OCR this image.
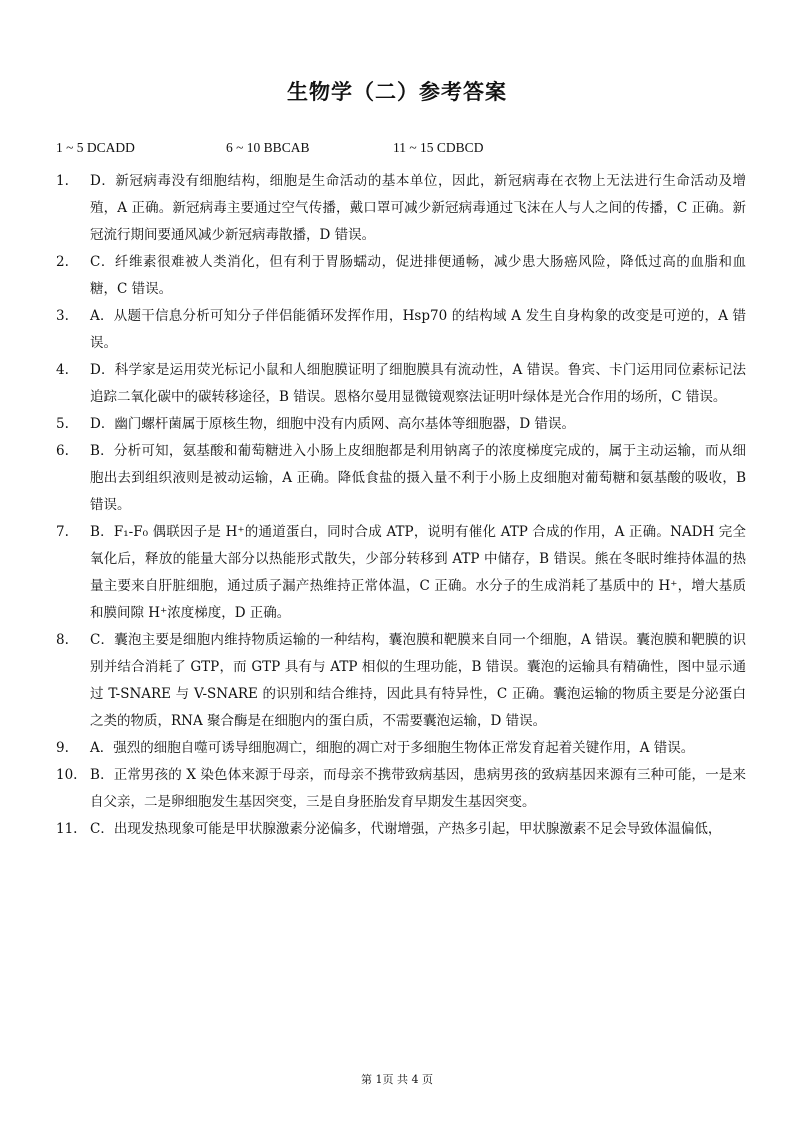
生物学（二）参考答案
1 ~ 5 DCADD	6 ~ 10 BBCAB	11 ~ 15 CDBCD
1. D．新冠病毒没有细胞结构，细胞是生命活动的基本单位，因此，新冠病毒在衣物上无法进行生命活动及增殖，A 正确。新冠病毒主要通过空气传播，戴口罩可减少新冠病毒通过飞沫在人与人之间的传播，C 正确。新冠流行期间要通风减少新冠病毒散播，D 错误。
2. C．纤维素很难被人类消化，但有利于胃肠蠕动，促进排便通畅，减少患大肠癌风险，降低过高的血脂和血糖，C 错误。
3. A．从题干信息分析可知分子伴侣能循环发挥作用，Hsp70 的结构域 A 发生自身构象的改变是可逆的，A 错误。
4. D．科学家是运用荧光标记小鼠和人细胞膜证明了细胞膜具有流动性，A 错误。鲁宾、卡门运用同位素标记法追踪二氧化碳中的碳转移途径，B 错误。恩格尔曼用显微镜观察法证明叶绿体是光合作用的场所，C 错误。
5. D．幽门螺杆菌属于原核生物，细胞中没有内质网、高尔基体等细胞器，D 错误。
6. B．分析可知，氨基酸和葡萄糖进入小肠上皮细胞都是利用钠离子的浓度梯度完成的，属于主动运输，而从细胞出去到组织液则是被动运输，A 正确。降低食盐的摄入量不利于小肠上皮细胞对葡萄糖和氨基酸的吸收，B 错误。
7. B．F₁-F₀ 偶联因子是 H⁺的通道蛋白，同时合成 ATP，说明有催化 ATP 合成的作用，A 正确。NADH 完全氧化后，释放的能量大部分以热能形式散失，少部分转移到 ATP 中储存，B 错误。熊在冬眠时维持体温的热量主要来自肝脏细胞，通过质子漏产热维持正常体温，C 正确。水分子的生成消耗了基质中的 H⁺，增大基质和膜间隙 H⁺浓度梯度，D 正确。
8. C．囊泡主要是细胞内维持物质运输的一种结构，囊泡膜和靶膜来自同一个细胞，A 错误。囊泡膜和靶膜的识别并结合消耗了 GTP，而 GTP 具有与 ATP 相似的生理功能，B 错误。囊泡的运输具有精确性，图中显示通过 T-SNARE 与 V-SNARE 的识别和结合维持，因此具有特异性，C 正确。囊泡运输的物质主要是分泌蛋白之类的物质，RNA 聚合酶是在细胞内的蛋白质，不需要囊泡运输，D 错误。
9. A．强烈的细胞自噬可诱导细胞凋亡，细胞的凋亡对于多细胞生物体正常发育起着关键作用，A 错误。
10. B．正常男孩的 X 染色体来源于母亲，而母亲不携带致病基因，患病男孩的致病基因来源有三种可能，一是来自父亲，二是卵细胞发生基因突变，三是自身胚胎发育早期发生基因突变。
11. C．出现发热现象可能是甲状腺激素分泌偏多，代谢增强，产热多引起，甲状腺激素不足会导致体温偏低，
第 1页 共 4 页
